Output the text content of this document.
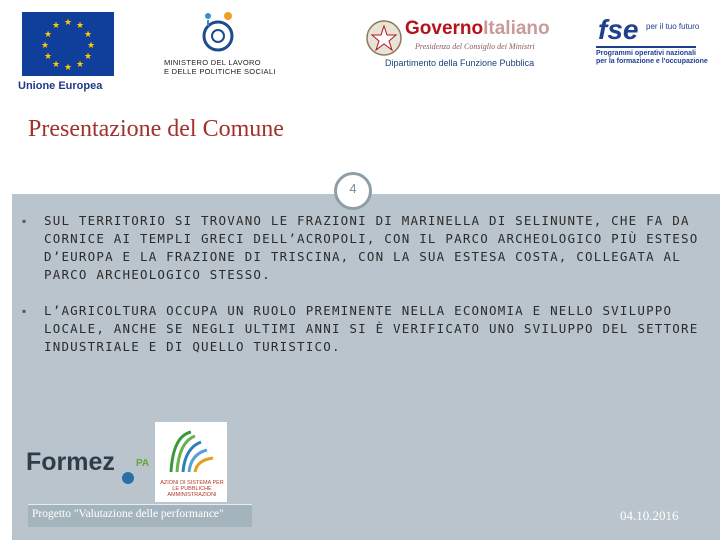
★ ★
★
★
★
★
★
★
★
★
★
★
Unione Europea
MINISTERO DEL LAVORO
E DELLE POLITICHE SOCIALI
GovernoItaliano
Presidenza del Consiglio dei Ministri
Dipartimento della Funzione Pubblica
fse per il tuo futuro
Programmi operativi nazionali
per la formazione e l'occupazione
Presentazione del Comune
4
▪ SUL TERRITORIO SI TROVANO LE FRAZIONI DI MARINELLA DI SELINUNTE, CHE FA DA CORNICE AI TEMPLI GRECI DELL’ACROPOLI, CON IL PARCO ARCHEOLOGICO PIÙ ESTESO D’EUROPA E LA FRAZIONE DI TRISCINA, CON LA SUA ESTESA COSTA, COLLEGATA AL PARCO ARCHEOLOGICO STESSO.
▪ L’AGRICOLTURA OCCUPA UN RUOLO PREMINENTE NELLA ECONOMIA E NELLO SVILUPPO LOCALE, ANCHE SE NEGLI ULTIMI ANNI SI È VERIFICATO UNO SVILUPPO DEL SETTORE INDUSTRIALE E DI QUELLO TURISTICO.
Formez PA
AZIONI DI SISTEMA PER LE PUBBLICHE AMMINISTRAZIONI
Progetto "Valutazione delle performance"	04.10.2016
